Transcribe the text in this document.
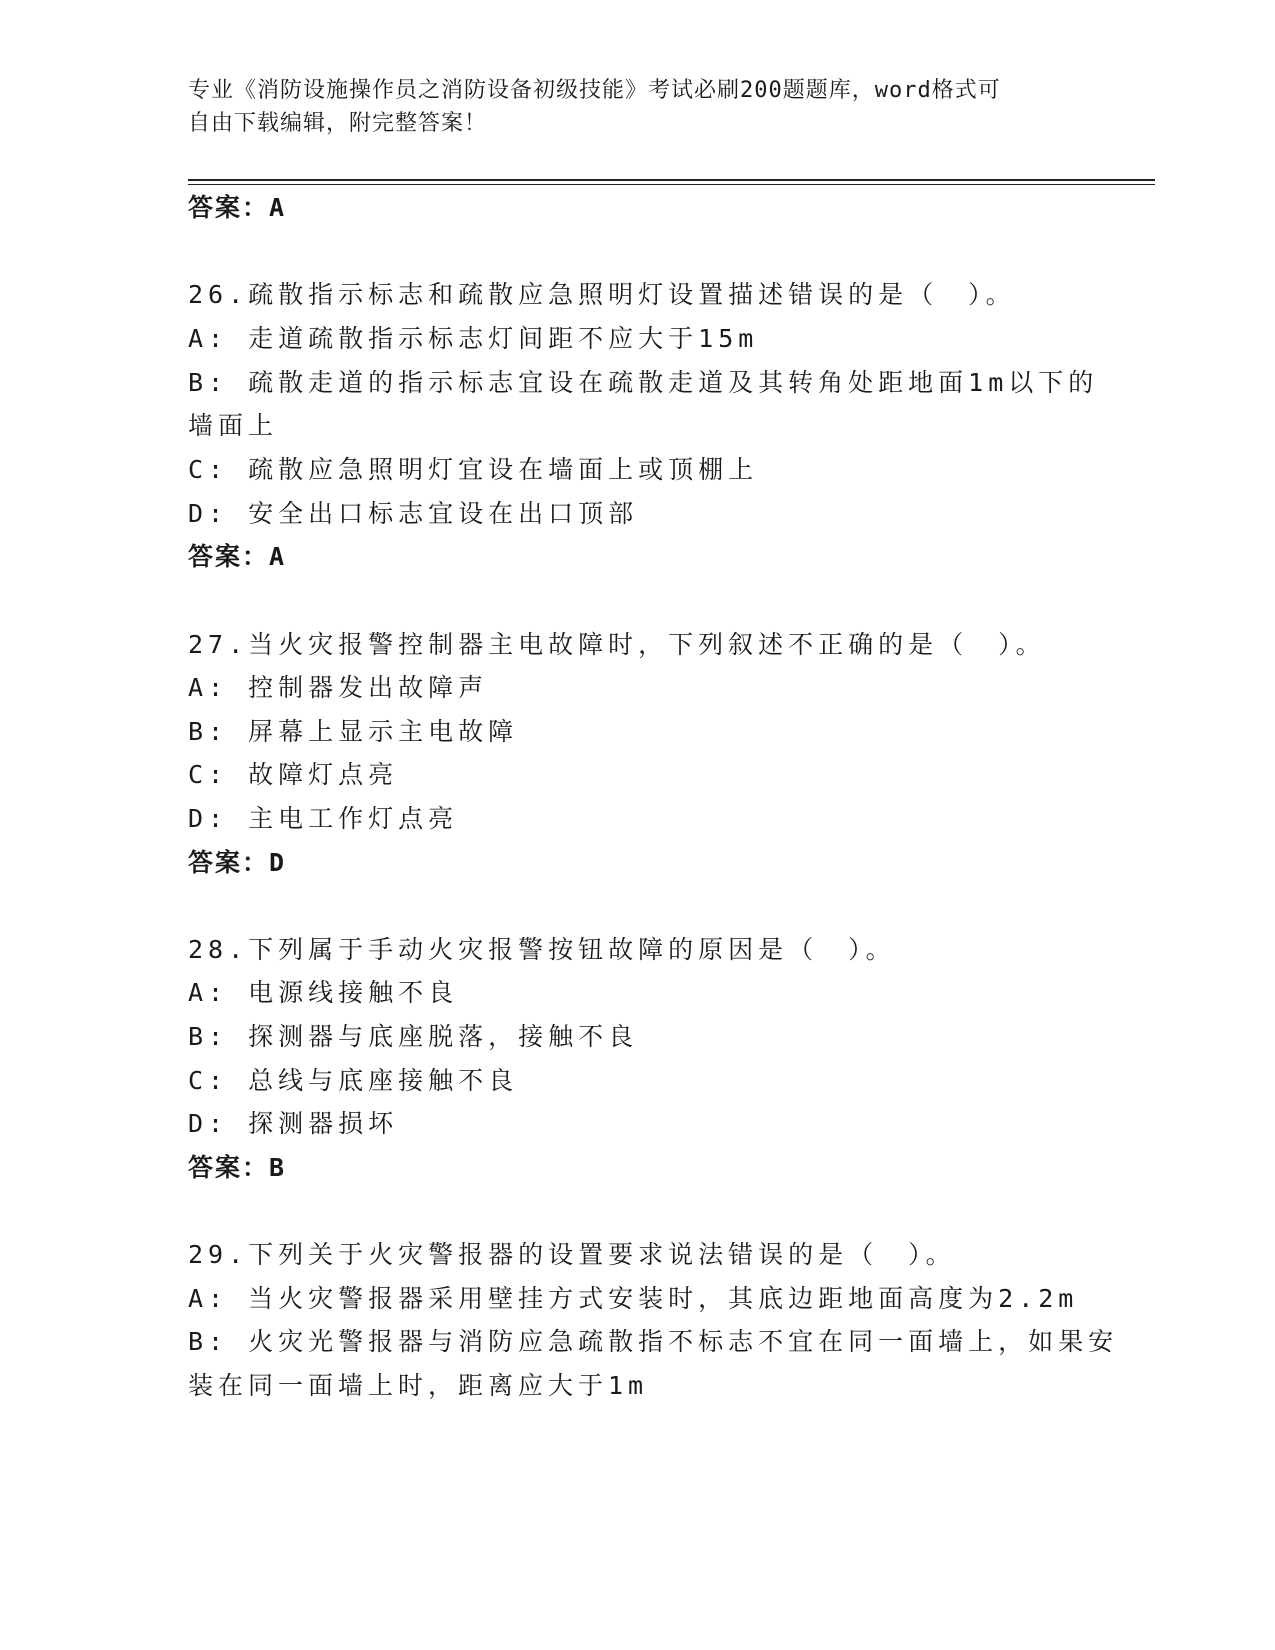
专业《消防设施操作员之消防设备初级技能》考试必刷200题题库，word格式可
自由下载编辑，附完整答案！
答案：A
26.疏散指示标志和疏散应急照明灯设置描述错误的是（　）。
A: 走道疏散指示标志灯间距不应大于15m
B: 疏散走道的指示标志宜设在疏散走道及其转角处距地面1m以下的
墙面上
C: 疏散应急照明灯宜设在墙面上或顶棚上
D: 安全出口标志宜设在出口顶部
答案：A
27.当火灾报警控制器主电故障时，下列叙述不正确的是（　）。
A: 控制器发出故障声
B: 屏幕上显示主电故障
C: 故障灯点亮
D: 主电工作灯点亮
答案：D
28.下列属于手动火灾报警按钮故障的原因是（　）。
A: 电源线接触不良
B: 探测器与底座脱落，接触不良
C: 总线与底座接触不良
D: 探测器损坏
答案：B
29.下列关于火灾警报器的设置要求说法错误的是（　）。
A: 当火灾警报器采用壁挂方式安装时，其底边距地面高度为2.2m
B: 火灾光警报器与消防应急疏散指不标志不宜在同一面墙上，如果安
装在同一面墙上时，距离应大于1m
